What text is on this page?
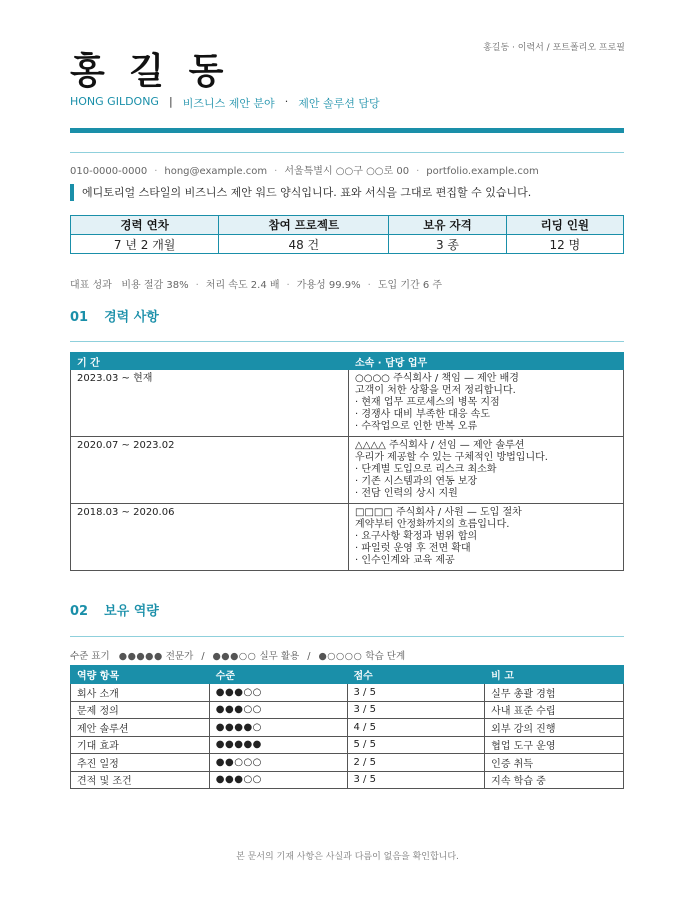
홍길동 · 이력서 / 포트폴리오 프로필
홍 길 동
HONG GILDONG | 비즈니스 제안 분야 · 제안 솔루션 담당
010-0000-0000 · hong@example.com · 서울특별시 ○○구 ○○로 00 · portfolio.example.com
에디토리얼 스타일의 비즈니스 제안 워드 양식입니다. 표와 서식을 그대로 편집할 수 있습니다.
경력 연차	참여 프로젝트	보유 자격	리딩 인원
7 년 2 개월	48 건	3 종	12 명
대표 성과 비용 절감 38% · 처리 속도 2.4 배 · 가용성 99.9% · 도입 기간 6 주
01 경력 사항
기 간	소속 · 담당 업무
2023.03 ~ 현재	○○○○ 주식회사 / 책임 — 제안 배경
고객이 처한 상황을 먼저 정리합니다.
· 현재 업무 프로세스의 병목 지점
· 경쟁사 대비 부족한 대응 속도
· 수작업으로 인한 반복 오류

2020.07 ~ 2023.02	△△△△ 주식회사 / 선임 — 제안 솔루션
우리가 제공할 수 있는 구체적인 방법입니다.
· 단계별 도입으로 리스크 최소화
· 기존 시스템과의 연동 보장
· 전담 인력의 상시 지원

2018.03 ~ 2020.06	□□□□ 주식회사 / 사원 — 도입 절차
계약부터 안정화까지의 흐름입니다.
· 요구사항 확정과 범위 합의
· 파일럿 운영 후 전면 확대
· 인수인계와 교육 제공
02 보유 역량
수준 표기 ●●●●● 전문가 / ●●●○○ 실무 활용 / ●○○○○ 학습 단계
역량 항목	수준	점수	비 고
회사 소개	●●●○○	3 / 5	실무 총괄 경험
문제 정의	●●●○○	3 / 5	사내 표준 수립
제안 솔루션	●●●●○	4 / 5	외부 강의 진행
기대 효과	●●●●●	5 / 5	협업 도구 운영
추진 일정	●●○○○	2 / 5	인증 취득
견적 및 조건	●●●○○	3 / 5	지속 학습 중
본 문서의 기재 사항은 사실과 다름이 없음을 확인합니다.
